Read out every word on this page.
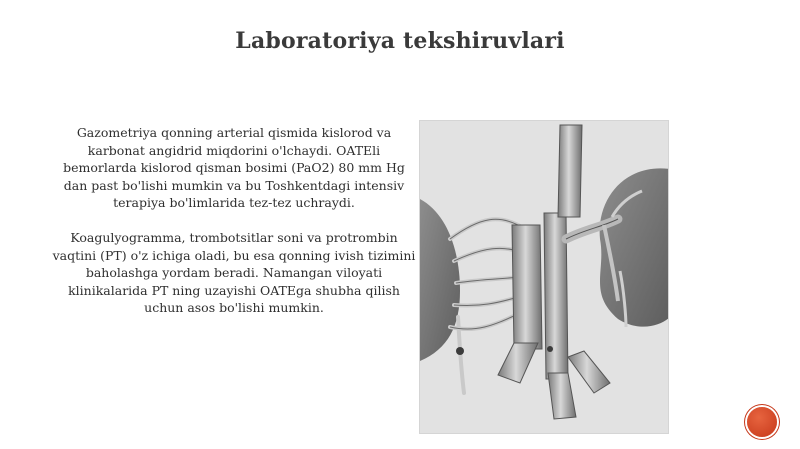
Laboratoriya tekshiruvlari

Gazometriya qonning arterial qismida kislorod va karbonat angidrid miqdorini o'lchaydi. OATEli bemorlarda kislorod qisman bosimi (PaO2) 80 mm Hg dan past bo'lishi mumkin va bu Toshkentdagi intensiv terapiya bo'limlarida tez-tez uchraydi.

Koagulyogramma, trombotsitlar soni va protrombin vaqtini (PT) o'z ichiga oladi, bu esa qonning ivish tizimini baholashga yordam beradi. Namangan viloyati klinikalarida PT ning uzayishi OATEga shubha qilish uchun asos bo'lishi mumkin.
